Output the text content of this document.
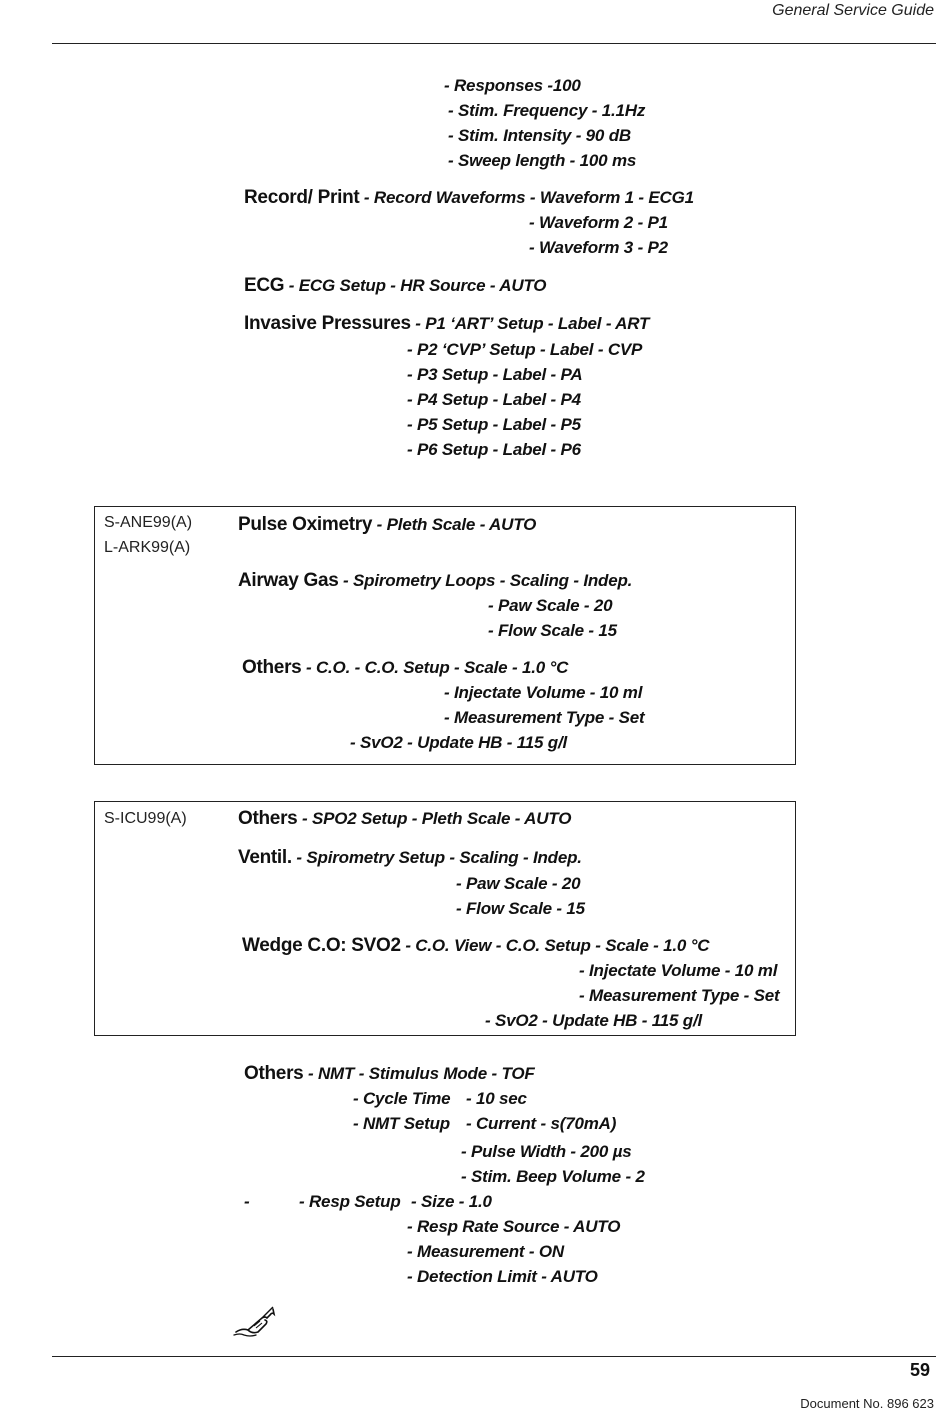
General Service Guide
- Responses -100
- Stim. Frequency - 1.1Hz
- Stim. Intensity - 90 dB
- Sweep length - 100 ms
Record/ Print - Record Waveforms - Waveform 1 - ECG1
- Waveform 2 - P1
- Waveform 3 - P2
ECG - ECG Setup - HR Source - AUTO
Invasive Pressures - P1 ‘ART’ Setup - Label - ART
- P2 ‘CVP’ Setup - Label - CVP
- P3 Setup - Label - PA
- P4 Setup - Label - P4
- P5 Setup - Label - P5
- P6 Setup - Label - P6
S-ANE99(A)
L-ARK99(A)
Pulse Oximetry - Pleth Scale - AUTO
Airway Gas - Spirometry Loops - Scaling - Indep.
- Paw Scale - 20
- Flow Scale - 15
Others - C.O. - C.O. Setup - Scale - 1.0 °C
- Injectate Volume - 10 ml
- Measurement Type - Set
- SvO2 - Update HB - 115 g/l
S-ICU99(A)	Others - SPO2 Setup - Pleth Scale - AUTO
Ventil. - Spirometry Setup - Scaling - Indep.
- Paw Scale - 20
- Flow Scale - 15
Wedge C.O: SVO2 - C.O. View - C.O. Setup - Scale - 1.0 °C
- Injectate Volume - 10 ml
- Measurement Type - Set
- SvO2 - Update HB - 115 g/l
Others - NMT - Stimulus Mode - TOF
- Cycle Time - 10 sec
- NMT Setup - Current - s(70mA)
- Pulse Width - 200 µs
- Stim. Beep Volume - 2
-	- Resp Setup - Size - 1.0
- Resp Rate Source - AUTO
- Measurement - ON
- Detection Limit - AUTO
59
Document No. 896 623
